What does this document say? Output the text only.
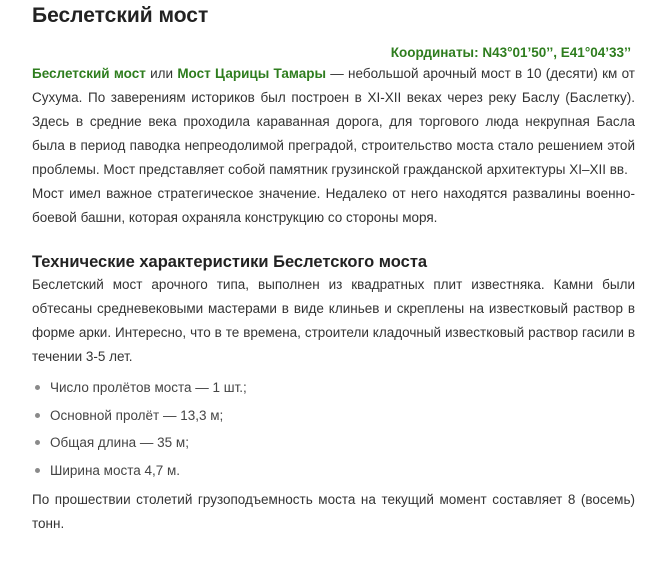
Беслетский мост
Координаты: N43°01’50’’, E41°04’33’’

Беслетский мост или Мост Царицы Тамары — небольшой арочный мост в 10 (десяти) км от Сухума. По заверениям историков был построен в XI-XII веках через реку Баслу (Баслетку). Здесь в средние века проходила караванная дорога, для торгового люда некрупная Басла была в период паводка непреодолимой преградой, строительство моста стало решением этой проблемы. Мост представляет собой памятник грузинской гражданской архитектуры XI–XII вв.

Мост имел важное стратегическое значение. Недалеко от него находятся развалины военно-боевой башни, которая охраняла конструкцию со стороны моря.

Технические характеристики Беслетского моста

Беслетский мост арочного типа, выполнен из квадратных плит известняка. Камни были обтесаны средневековыми мастерами в виде клиньев и скреплены на известковый раствор в форме арки. Интересно, что в те времена, строители кладочный известковый раствор гасили в течении 3-5 лет.

Число пролётов моста — 1 шт.;
Основной пролёт — 13,3 м;
Общая длина — 35 м;
Ширина моста 4,7 м.

По прошествии столетий грузоподъемность моста на текущий момент составляет 8 (восемь) тонн.
